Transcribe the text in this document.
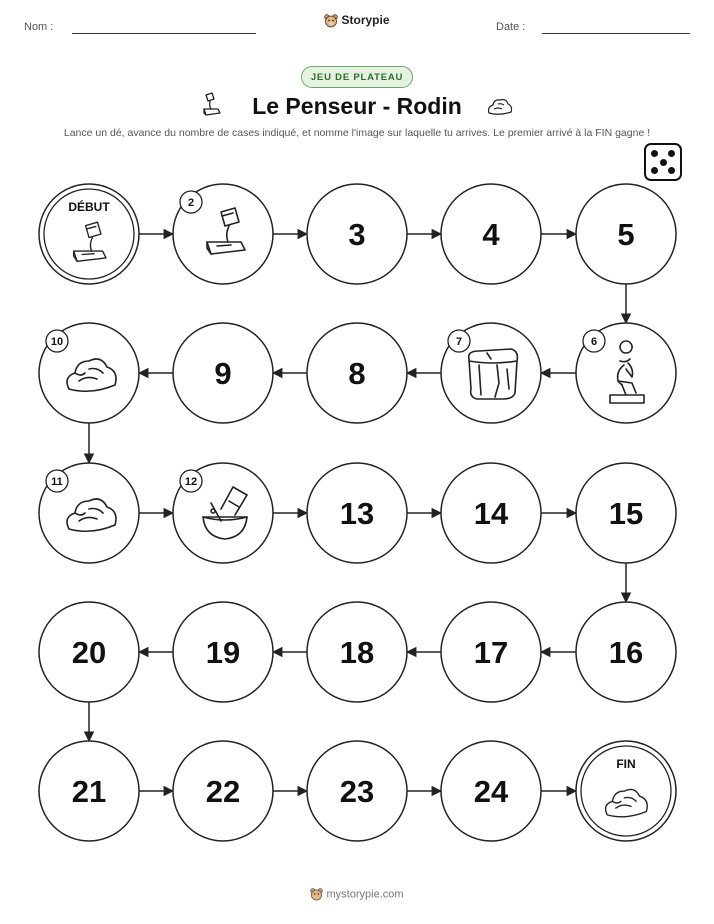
Nom :	Storypie	Date :
JEU DE PLATEAU
Le Penseur - Rodin
Lance un dé, avance du nombre de cases indiqué, et nomme l'image sur laquelle tu arrives. Le premier arrivé à la FIN gagne !
DÉBUT	2
3	4	5
6
7
8
9
10
11	12
13	14	15
16
17
18
19
20
21	22	23	24
FIN
mystorypie.com
